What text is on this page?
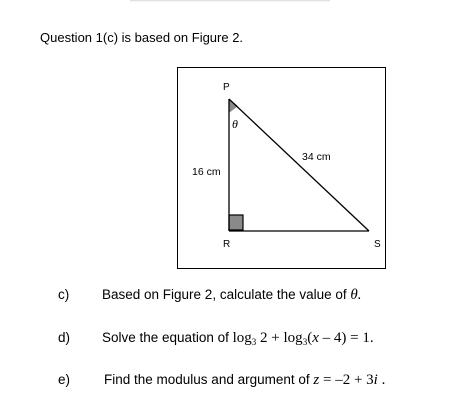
Question 1(c) is based on Figure 2.
P
R	S
θ
16 cm
34 cm
c) Based on Figure 2, calculate the value of θ.
d) Solve the equation of $\log_3 2 + \log_3(x - 4) = 1$.
e)	Find the modulus and argument of z = –2 + 3i .
